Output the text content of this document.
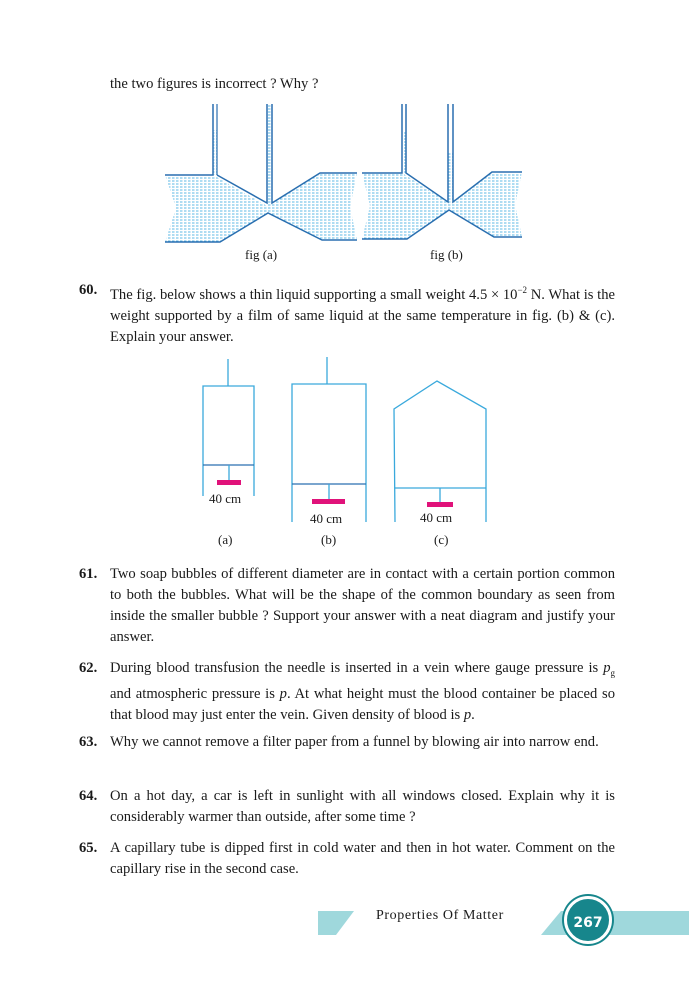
the two figures is incorrect ? Why ?
fig (a)	fig (b)
40 cm
40 cm	40 cm
(a)	(b)	(c)
60. The fig. below shows a thin liquid supporting a small weight $4.5 \times 10^{-2}$ N. What is the weight supported by a film of same liquid at the same temperature in fig. (b) & (c). Explain your answer.
61. Two soap bubbles of different diameter are in contact with a certain portion common to both the bubbles. What will be the shape of the common boundary as seen from inside the smaller bubble ? Support your answer with a neat diagram and justify your answer.
62. During blood transfusion the needle is inserted in a vein where gauge pressure is $p_g$ and atmospheric pressure is p. At what height must the blood container be placed so that blood may just enter the vein. Given density of blood is p.
63. Why we cannot remove a filter paper from a funnel by blowing air into narrow end.
64. On a hot day, a car is left in sunlight with all windows closed. Explain why it is considerably warmer than outside, after some time ?
65. A capillary tube is dipped first in cold water and then in hot water. Comment on the capillary rise in the second case.
Properties Of Matter	267
